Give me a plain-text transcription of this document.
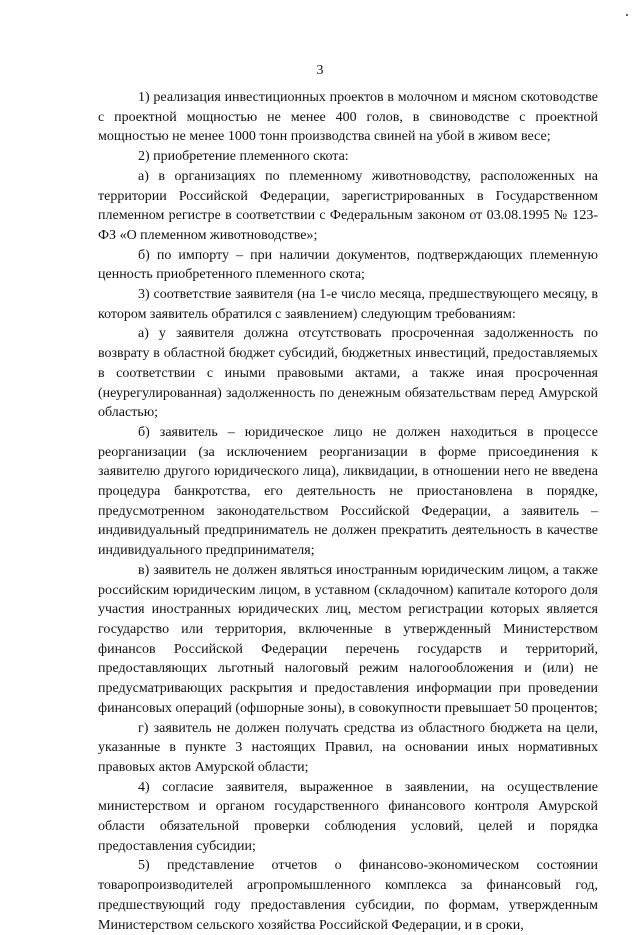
3

1) реализация инвестиционных проектов в молочном и мясном скотоводстве с проектной мощностью не менее 400 голов, в свиноводстве с проектной мощностью не менее 1000 тонн производства свиней на убой в живом весе;

2) приобретение племенного скота:

а) в организациях по племенному животноводству, расположенных на территории Российской Федерации, зарегистрированных в Государственном племенном регистре в соответствии с Федеральным законом от 03.08.1995 № 123-ФЗ «О племенном животноводстве»;

б) по импорту – при наличии документов, подтверждающих племенную ценность приобретенного племенного скота;

3) соответствие заявителя (на 1-е число месяца, предшествующего месяцу, в котором заявитель обратился с заявлением) следующим требованиям:

а) у заявителя должна отсутствовать просроченная задолженность по возврату в областной бюджет субсидий, бюджетных инвестиций, предоставляемых в соответствии с иными правовыми актами, а также иная просроченная (неурегулированная) задолженность по денежным обязательствам перед Амурской областью;

б) заявитель – юридическое лицо не должен находиться в процессе реорганизации (за исключением реорганизации в форме присоединения к заявителю другого юридического лица), ликвидации, в отношении него не введена процедура банкротства, его деятельность не приостановлена в порядке, предусмотренном законодательством Российской Федерации, а заявитель – индивидуальный предприниматель не должен прекратить деятельность в качестве индивидуального предпринимателя;

в) заявитель не должен являться иностранным юридическим лицом, а также российским юридическим лицом, в уставном (складочном) капитале которого доля участия иностранных юридических лиц, местом регистрации которых является государство или территория, включенные в утвержденный Министерством финансов Российской Федерации перечень государств и территорий, предоставляющих льготный налоговый режим налогообложения и (или) не предусматривающих раскрытия и предоставления информации при проведении финансовых операций (офшорные зоны), в совокупности превышает 50 процентов;

г) заявитель не должен получать средства из областного бюджета на цели, указанные в пункте 3 настоящих Правил, на основании иных нормативных правовых актов Амурской области;

4) согласие заявителя, выраженное в заявлении, на осуществление министерством и органом государственного финансового контроля Амурской области обязательной проверки соблюдения условий, целей и порядка предоставления субсидии;

5) представление отчетов о финансово-экономическом состоянии товаропроизводителей агропромышленного комплекса за финансовый год, предшествующий году предоставления субсидии, по формам, утвержденным Министерством сельского хозяйства Российской Федерации, и в сроки,
